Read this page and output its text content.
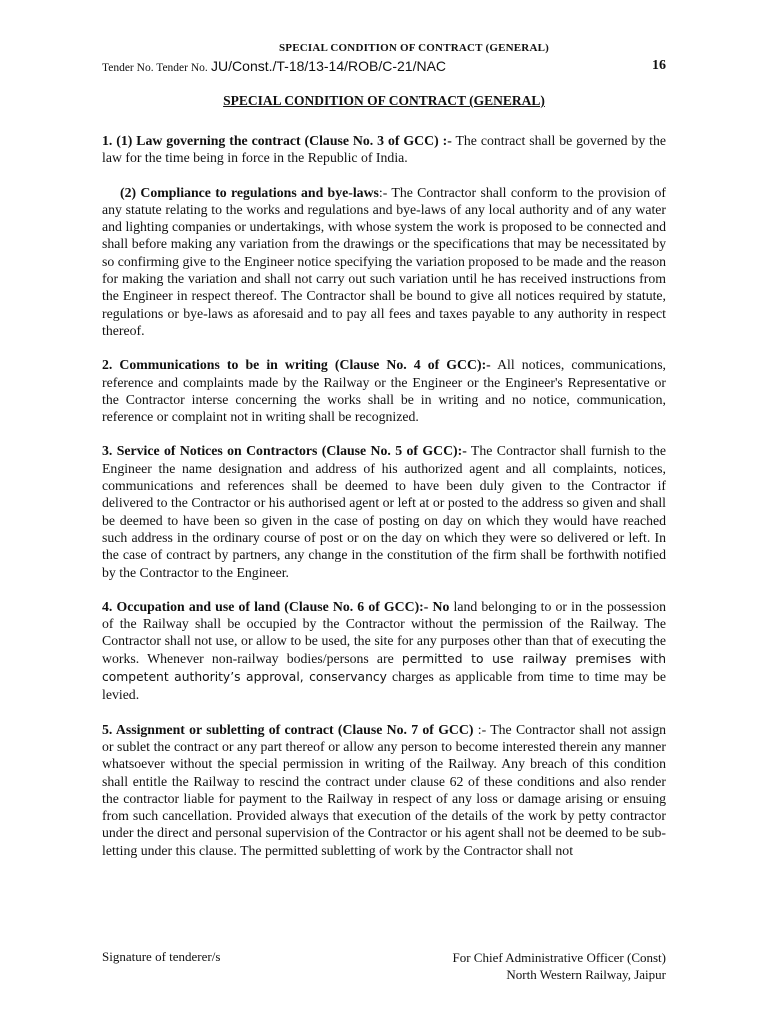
SPECIAL CONDITION OF CONTRACT (GENERAL)
Tender No. Tender No. JU/Const./T-18/13-14/ROB/C-21/NAC	16
SPECIAL CONDITION OF CONTRACT (GENERAL)

1. (1) Law governing the contract (Clause No. 3 of GCC) :- The contract shall be governed by the law for the time being in force in the Republic of India.

(2) Compliance to regulations and bye-laws:- The Contractor shall conform to the provision of any statute relating to the works and regulations and bye-laws of any local authority and of any water and lighting companies or undertakings, with whose system the work is proposed to be connected and shall before making any variation from the drawings or the specifications that may be necessitated by so confirming give to the Engineer notice specifying the variation proposed to be made and the reason for making the variation and shall not carry out such variation until he has received instructions from the Engineer in respect thereof. The Contractor shall be bound to give all notices required by statute, regulations or bye-laws as aforesaid and to pay all fees and taxes payable to any authority in respect thereof.

2. Communications to be in writing (Clause No. 4 of GCC):- All notices, communications, reference and complaints made by the Railway or the Engineer or the Engineer's Representative or the Contractor interse concerning the works shall be in writing and no notice, communication, reference or complaint not in writing shall be recognized.

3. Service of Notices on Contractors (Clause No. 5 of GCC):- The Contractor shall furnish to the Engineer the name designation and address of his authorized agent and all complaints, notices, communications and references shall be deemed to have been duly given to the Contractor if delivered to the Contractor or his authorised agent or left at or posted to the address so given and shall be deemed to have been so given in the case of posting on day on which they would have reached such address in the ordinary course of post or on the day on which they were so delivered or left. In the case of contract by partners, any change in the constitution of the firm shall be forthwith notified by the Contractor to the Engineer.

4. Occupation and use of land (Clause No. 6 of GCC):- No land belonging to or in the possession of the Railway shall be occupied by the Contractor without the permission of the Railway. The Contractor shall not use, or allow to be used, the site for any purposes other than that of executing the works. Whenever non-railway bodies/persons are permitted to use railway premises with competent authority’s approval, conservancy charges as applicable from time to time may be levied.

5. Assignment or subletting of contract (Clause No. 7 of GCC) :- The Contractor shall not assign or sublet the contract or any part thereof or allow any person to become interested therein any manner whatsoever without the special permission in writing of the Railway. Any breach of this condition shall entitle the Railway to rescind the contract under clause 62 of these conditions and also render the contractor liable for payment to the Railway in respect of any loss or damage arising or ensuing from such cancellation. Provided always that execution of the details of the work by petty contractor under the direct and personal supervision of the Contractor or his agent shall not be deemed to be sub-letting under this clause. The permitted subletting of work by the Contractor shall not

Signature of tenderer/s	For Chief Administrative Officer (Const)
North Western Railway, Jaipur
